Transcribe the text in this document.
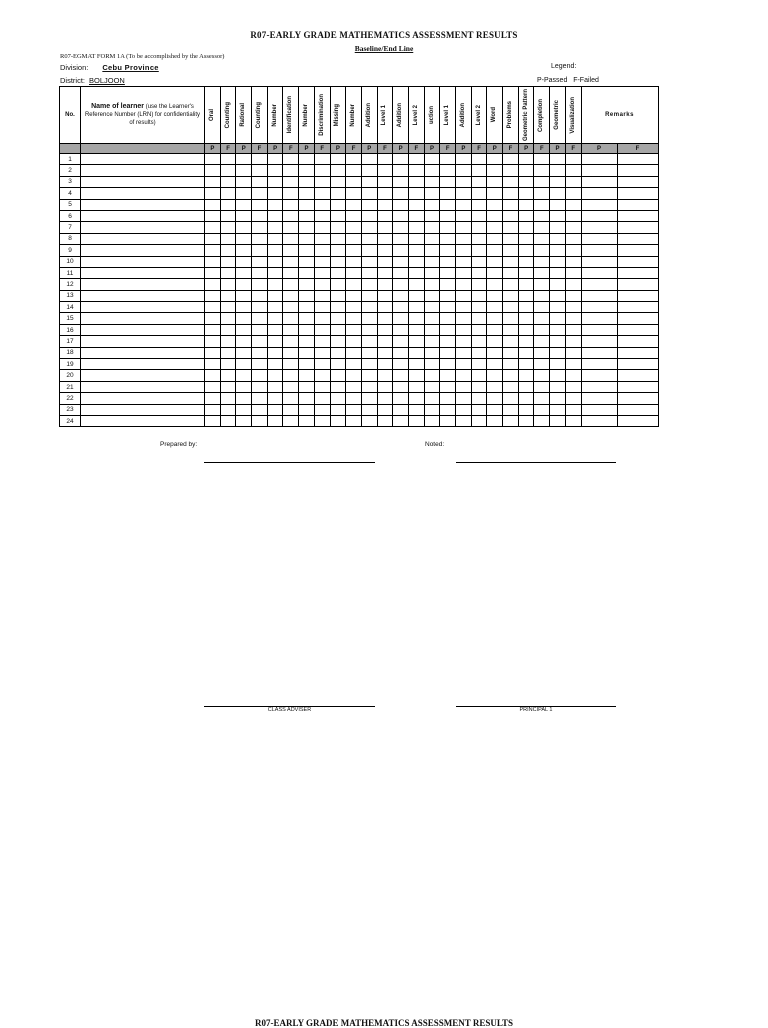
R07-EARLY GRADE MATHEMATICS ASSESSMENT RESULTS
Baseline/End Line
R07-EGMAT FORM 1A (To be accomplished by the Assessor)
Division: Cebu Province
District: BOLJOON
Legend:
P-Passed F-Failed
No.	Name of learner (use the Learner's Reference Number (LRN) for confidentiality of results)	Oral	Counting	Rational	Counting	Number	Identification	Number	Discrimination	Missing	Number	Addition	Level 1	Addition	Level 2	uction	Level 1	Addition	Level 2	Word	Problems	Geometric Pattern	Completion	Geometric	Visualization	Remarks	
		P	F	P	F	P	F	P	F	P	F	P	F	P	F	P	F	P	F	P	F	P	F	P	F	P	F
1																											
2																											
3																											
4																											
5																											
6																											
7																											
8																											
9																											
10																											
11																											
12																											
13																											
14																											
15																											
16																											
17																											
18																											
19																											
20																											
21																											
22																											
23																											
24																											
Prepared by:	Noted:
CLASS ADVISER	PRINCIPAL 1
R07-EARLY GRADE MATHEMATICS ASSESSMENT RESULTS
